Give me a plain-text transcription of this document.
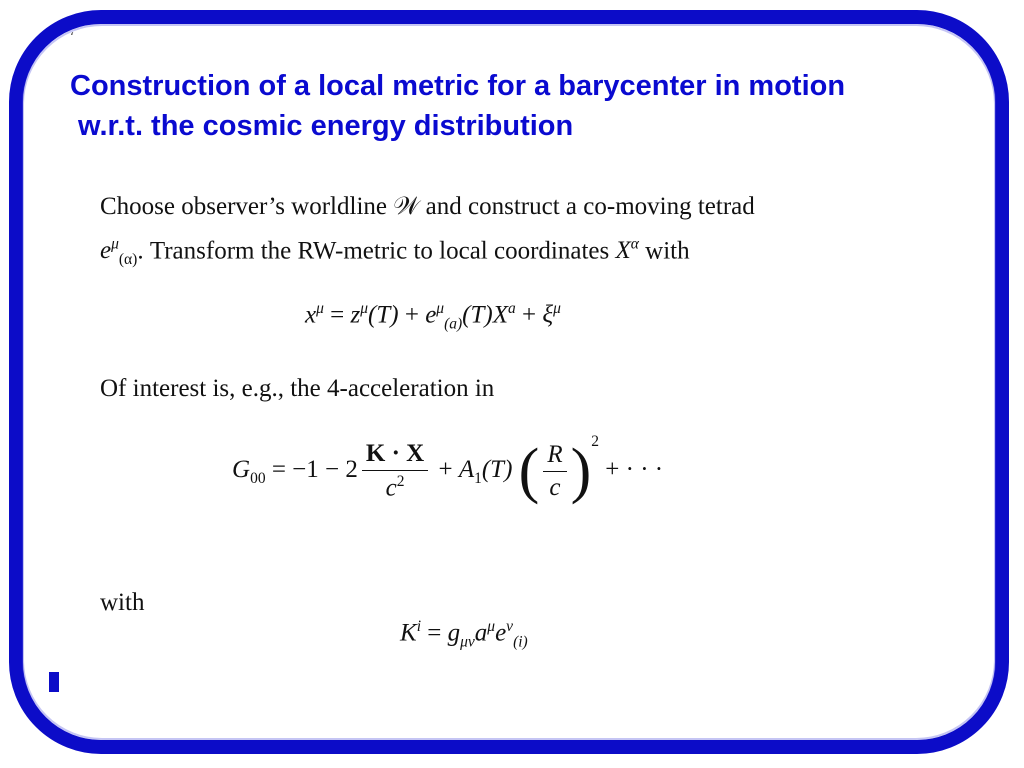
‘
Construction of a local metric for a barycenter in motion
w.r.t. the cosmic energy distribution
Choose observer’s worldline 𝒲 and construct a co-moving tetrad
$e^\mu_{(\alpha)}$. Transform the RW-metric to local coordinates $X^\alpha$ with
$x^\mu = z^\mu(T) + e^\mu_{(a)}(T)X^a + \xi^\mu$
Of interest is, e.g., the 4-acceleration in
$G_{00} = -1 - 2 \frac{K \cdot X}{c^2} + A_1(T)$ ( $\frac{R}{c} )^2$ + · · ·
with
$K^i = g_{\mu\nu}a^\mu e^\nu_{(i)}$
